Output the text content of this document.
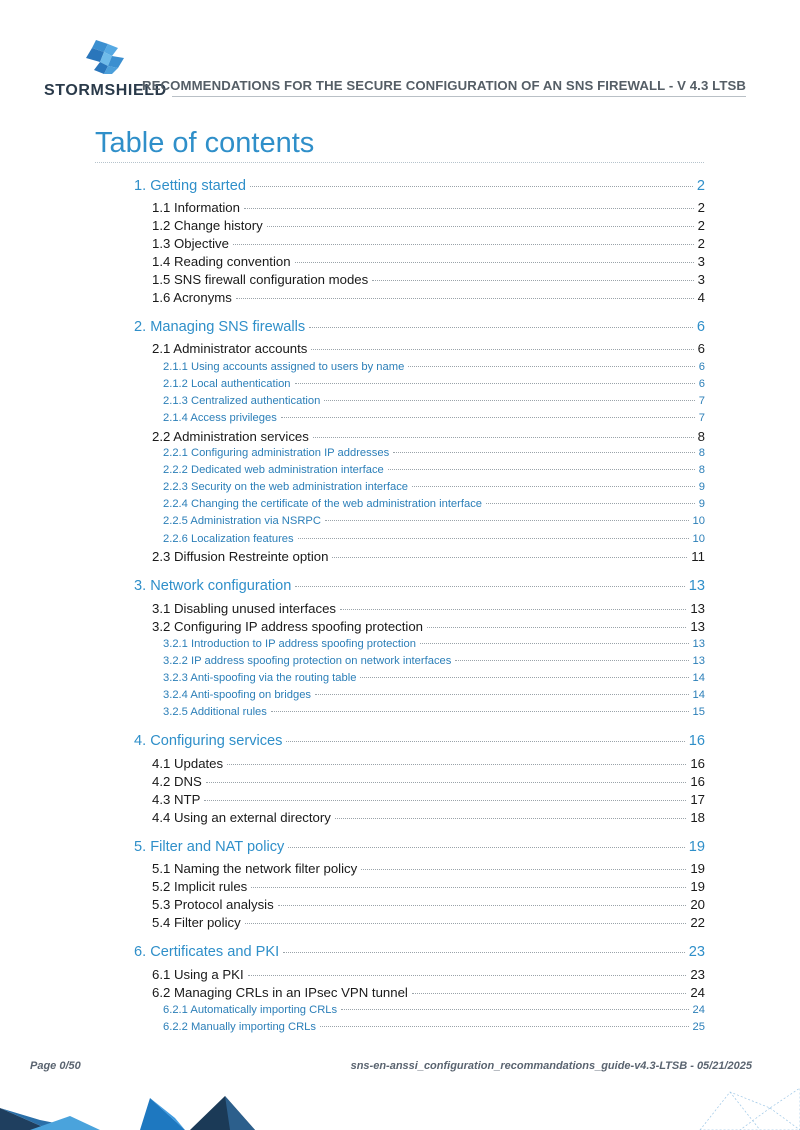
STORMSHIELD
RECOMMENDATIONS FOR THE SECURE CONFIGURATION OF AN SNS FIREWALL - V 4.3 LTSB
Table of contents
1. Getting started	2
1.1 Information	2
1.2 Change history	2
1.3 Objective	2
1.4 Reading convention	3
1.5 SNS firewall configuration modes	3
1.6 Acronyms	4
2. Managing SNS firewalls	6
2.1 Administrator accounts	6
2.1.1 Using accounts assigned to users by name	6
2.1.2 Local authentication	6
2.1.3 Centralized authentication	7
2.1.4 Access privileges	7
2.2 Administration services	8
2.2.1 Configuring administration IP addresses	8
2.2.2 Dedicated web administration interface	8
2.2.3 Security on the web administration interface	9
2.2.4 Changing the certificate of the web administration interface	9
2.2.5 Administration via NSRPC	10
2.2.6 Localization features	10
2.3 Diffusion Restreinte option	11
3. Network configuration	13
3.1 Disabling unused interfaces	13
3.2 Configuring IP address spoofing protection	13
3.2.1 Introduction to IP address spoofing protection	13
3.2.2 IP address spoofing protection on network interfaces	13
3.2.3 Anti-spoofing via the routing table	14
3.2.4 Anti-spoofing on bridges	14
3.2.5 Additional rules	15
4. Configuring services	16
4.1 Updates	16
4.2 DNS	16
4.3 NTP	17
4.4 Using an external directory	18
5. Filter and NAT policy	19
5.1 Naming the network filter policy	19
5.2 Implicit rules	19
5.3 Protocol analysis	20
5.4 Filter policy	22
6. Certificates and PKI	23
6.1 Using a PKI	23
6.2 Managing CRLs in an IPsec VPN tunnel	24
6.2.1 Automatically importing CRLs	24
6.2.2 Manually importing CRLs	25
Page 0/50	sns-en-anssi_configuration_recommandations_guide-v4.3-LTSB - 05/21/2025
